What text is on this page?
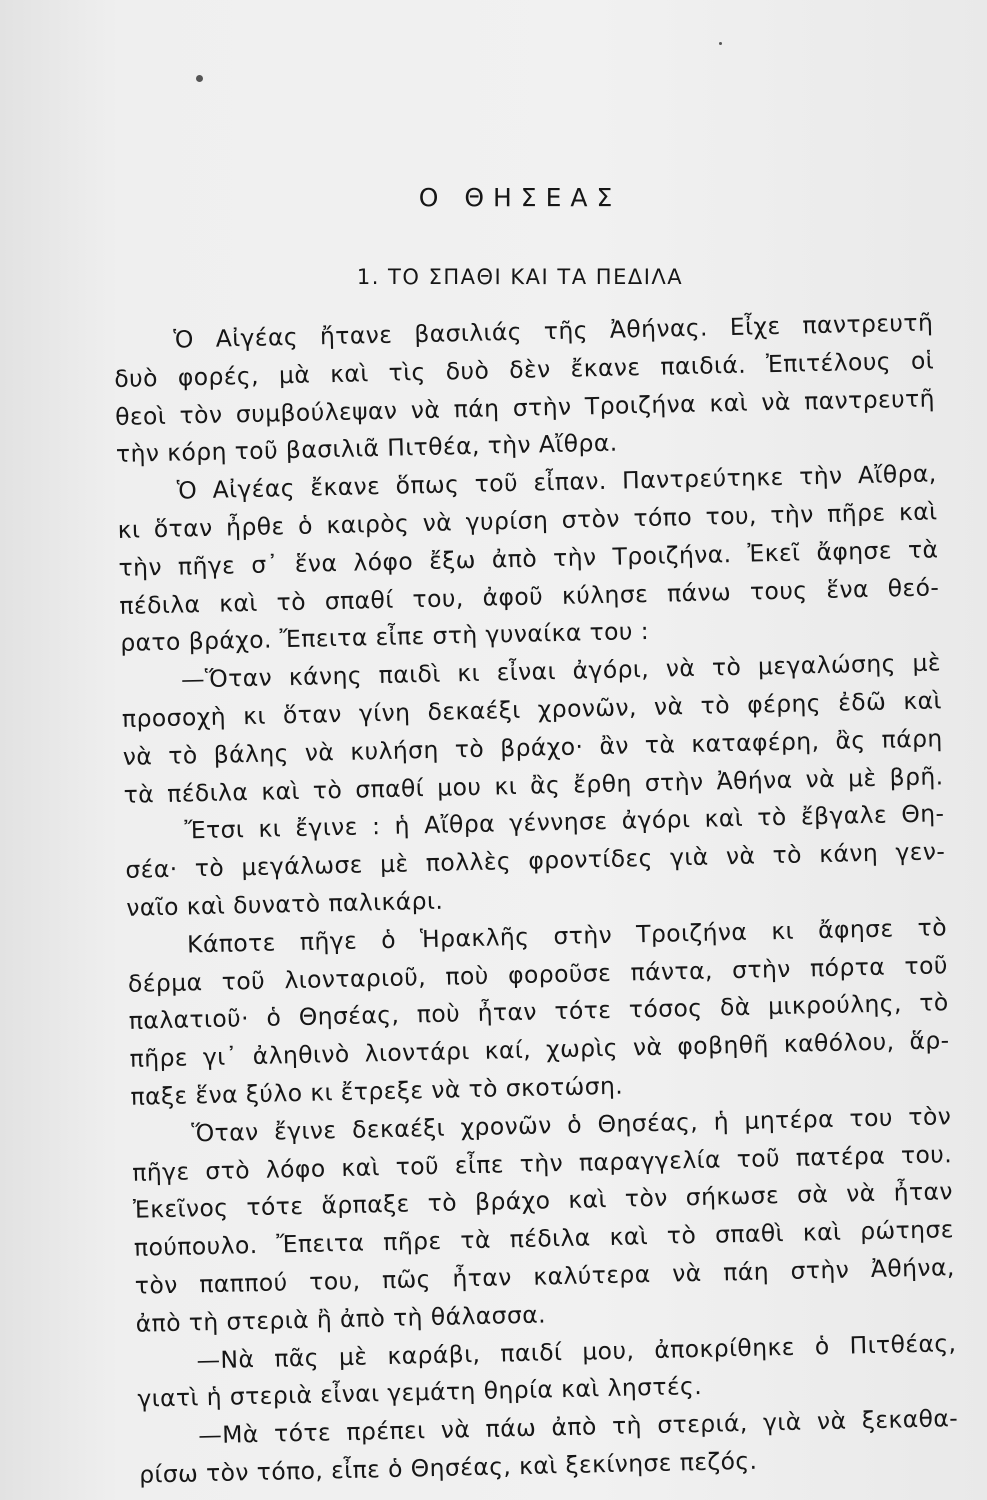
Ο ΘΗΣΕΑΣ
1. ΤΟ ΣΠΑΘΙ ΚΑΙ ΤΑ ΠΕΔΙΛΑ
Ὁ Αἰγέας ἤτανε βασιλιάς τῆς Ἀθήνας. Εἶχε παντρευτῆ
δυὸ φορές, μὰ καὶ τὶς δυὸ δὲν ἔκανε παιδιά. Ἐπιτέλους οἱ
θεοὶ τὸν συμβούλεψαν νὰ πάη στὴν Τροιζήνα καὶ νὰ παντρευτῆ
τὴν κόρη τοῦ βασιλιᾶ Πιτθέα, τὴν Αἴθρα.
Ὁ Αἰγέας ἔκανε ὅπως τοῦ εἶπαν. Παντρεύτηκε τὴν Αἴθρα,
κι ὅταν ἦρθε ὁ καιρὸς νὰ γυρίση στὸν τόπο του, τὴν πῆρε καὶ
τὴν πῆγε σ᾽ ἕνα λόφο ἔξω ἀπὸ τὴν Τροιζήνα. Ἐκεῖ ἄφησε τὰ
πέδιλα καὶ τὸ σπαθί του, ἀφοῦ κύλησε πάνω τους ἕνα θεό-
ρατο βράχο. Ἔπειτα εἶπε στὴ γυναίκα του :
—Ὅταν κάνης παιδὶ κι εἶναι ἀγόρι, νὰ τὸ μεγαλώσης μὲ
προσοχὴ κι ὅταν γίνη δεκαέξι χρονῶν, νὰ τὸ φέρης ἐδῶ καὶ
νὰ τὸ βάλης νὰ κυλήση τὸ βράχο· ἂν τὰ καταφέρη, ἂς πάρη
τὰ πέδιλα καὶ τὸ σπαθί μου κι ἂς ἔρθη στὴν Ἀθήνα νὰ μὲ βρῆ.
Ἔτσι κι ἔγινε : ἡ Αἴθρα γέννησε ἀγόρι καὶ τὸ ἔβγαλε Θη-
σέα· τὸ μεγάλωσε μὲ πολλὲς φροντίδες γιὰ νὰ τὸ κάνη γεν-
ναῖο καὶ δυνατὸ παλικάρι.
Κάποτε πῆγε ὁ Ἡρακλῆς στὴν Τροιζήνα κι ἄφησε τὸ
δέρμα τοῦ λιονταριοῦ, ποὺ φοροῦσε πάντα, στὴν πόρτα τοῦ
παλατιοῦ· ὁ Θησέας, ποὺ ἦταν τότε τόσος δὰ μικρούλης, τὸ
πῆρε γι᾽ ἀληθινὸ λιοντάρι καί, χωρὶς νὰ φοβηθῆ καθόλου, ἅρ-
παξε ἕνα ξύλο κι ἔτρεξε νὰ τὸ σκοτώση.
Ὅταν ἔγινε δεκαέξι χρονῶν ὁ Θησέας, ἡ μητέρα του τὸν
πῆγε στὸ λόφο καὶ τοῦ εἶπε τὴν παραγγελία τοῦ πατέρα του.
Ἐκεῖνος τότε ἅρπαξε τὸ βράχο καὶ τὸν σήκωσε σὰ νὰ ἦταν
πούπουλο. Ἔπειτα πῆρε τὰ πέδιλα καὶ τὸ σπαθὶ καὶ ρώτησε
τὸν παππού του, πῶς ἦταν καλύτερα νὰ πάη στὴν Ἀθήνα,
ἀπὸ τὴ στεριὰ ἢ ἀπὸ τὴ θάλασσα.
—Νὰ πᾶς μὲ καράβι, παιδί μου, ἀποκρίθηκε ὁ Πιτθέας,
γιατὶ ἡ στεριὰ εἶναι γεμάτη θηρία καὶ ληστές.
—Μὰ τότε πρέπει νὰ πάω ἀπὸ τὴ στεριά, γιὰ νὰ ξεκαθα-
ρίσω τὸν τόπο, εἶπε ὁ Θησέας, καὶ ξεκίνησε πεζός.
